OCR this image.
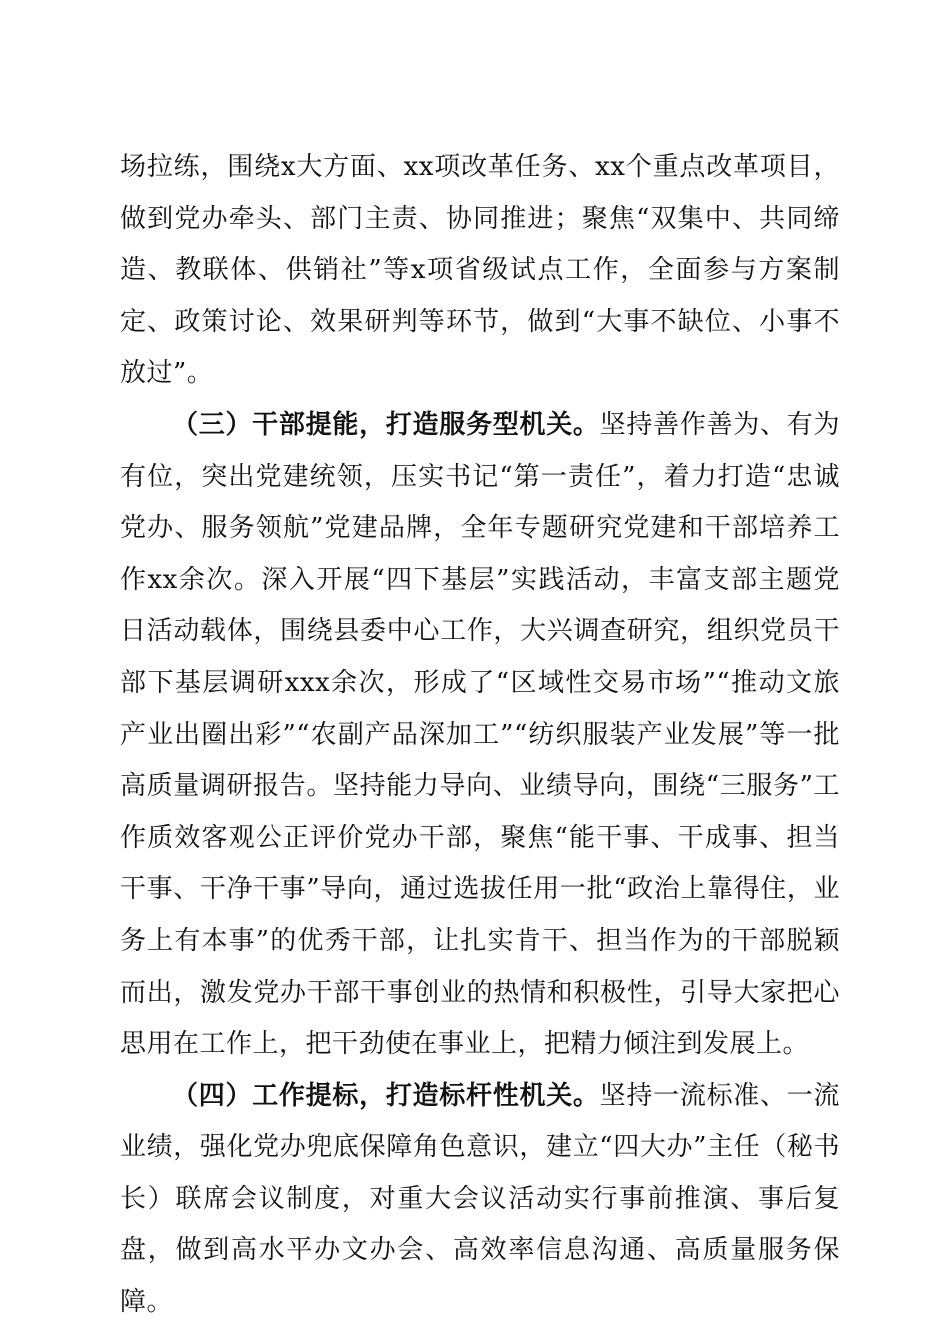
场拉练，围绕x大方面、xx项改革任务、xx个重点改革项目，做到党办牵头、部门主责、协同推进；聚焦“双集中、共同缔造、教联体、供销社”等x项省级试点工作，全面参与方案制定、政策讨论、效果研判等环节，做到“大事不缺位、小事不放过”。

（三）干部提能，打造服务型机关。坚持善作善为、有为有位，突出党建统领，压实书记“第一责任”，着力打造“忠诚党办、服务领航”党建品牌，全年专题研究党建和干部培养工作xx余次。深入开展“四下基层”实践活动，丰富支部主题党日活动载体，围绕县委中心工作，大兴调查研究，组织党员干部下基层调研xxx余次，形成了“区域性交易市场”“推动文旅产业出圈出彩”“农副产品深加工”“纺织服装产业发展”等一批高质量调研报告。坚持能力导向、业绩导向，围绕“三服务”工作质效客观公正评价党办干部，聚焦“能干事、干成事、担当干事、干净干事”导向，通过选拔任用一批“政治上靠得住，业务上有本事”的优秀干部，让扎实肯干、担当作为的干部脱颖而出，激发党办干部干事创业的热情和积极性，引导大家把心思用在工作上，把干劲使在事业上，把精力倾注到发展上。

（四）工作提标，打造标杆性机关。坚持一流标准、一流业绩，强化党办兜底保障角色意识，建立“四大办”主任（秘书长）联席会议制度，对重大会议活动实行事前推演、事后复盘，做到高水平办文办会、高效率信息沟通、高质量服务保障。
